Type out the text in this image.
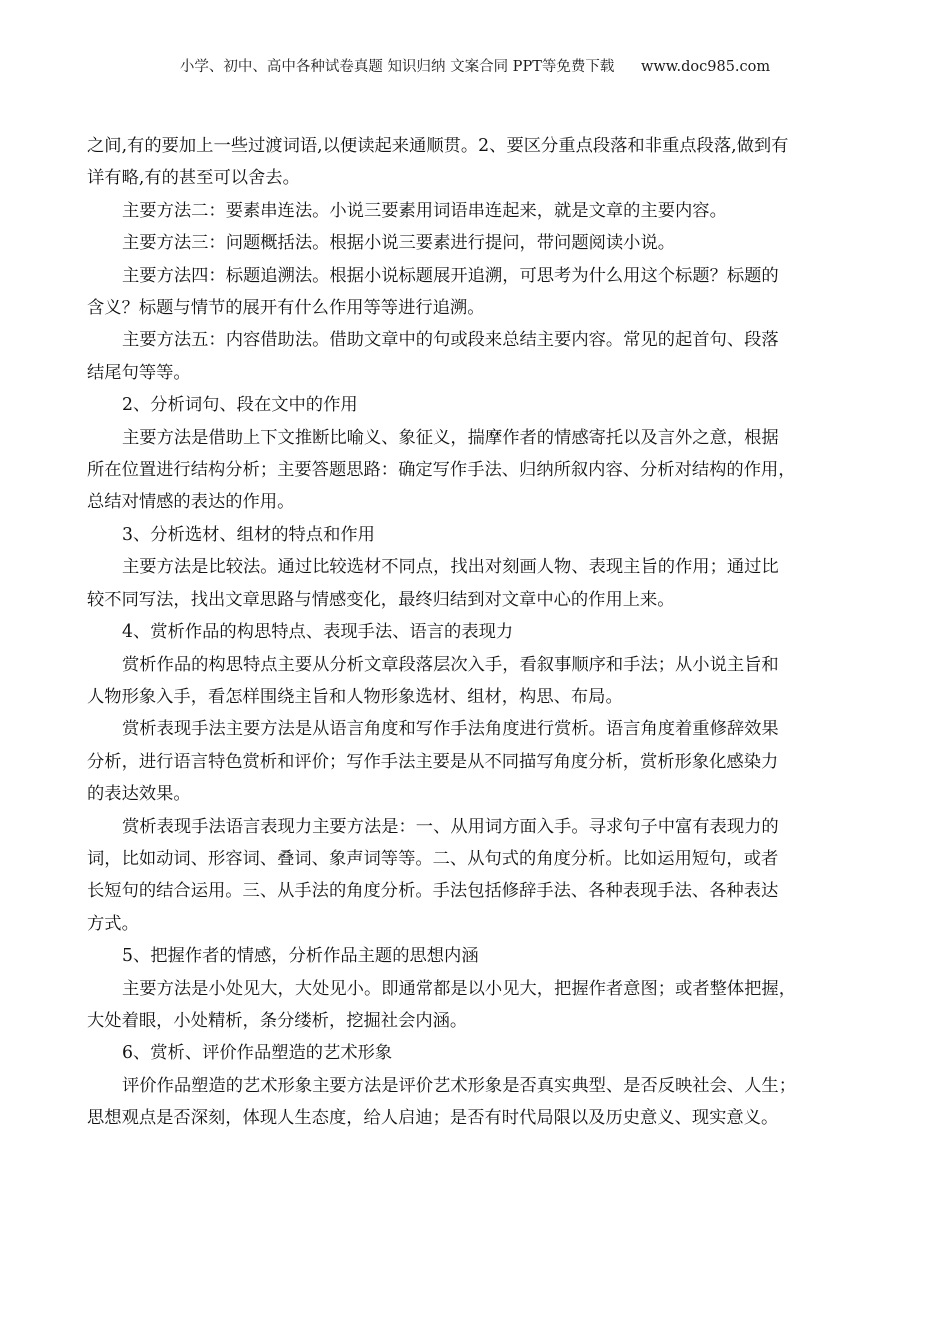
小学、初中、高中各种试卷真题 知识归纳 文案合同 PPT等免费下载 www.doc985.com

之间,有的要加上一些过渡词语,以便读起来通顺贯。2、要区分重点段落和非重点段落,做到有
详有略,有的甚至可以舍去。

主要方法二：要素串连法。小说三要素用词语串连起来，就是文章的主要内容。

主要方法三：问题概括法。根据小说三要素进行提问，带问题阅读小说。

主要方法四：标题追溯法。根据小说标题展开追溯，可思考为什么用这个标题？标题的
含义？标题与情节的展开有什么作用等等进行追溯。

主要方法五：内容借助法。借助文章中的句或段来总结主要内容。常见的起首句、段落
结尾句等等。

2、分析词句、段在文中的作用

主要方法是借助上下文推断比喻义、象征义，揣摩作者的情感寄托以及言外之意，根据
所在位置进行结构分析；主要答题思路：确定写作手法、归纳所叙内容、分析对结构的作用，
总结对情感的表达的作用。

3、分析选材、组材的特点和作用

主要方法是比较法。通过比较选材不同点，找出对刻画人物、表现主旨的作用；通过比
较不同写法，找出文章思路与情感变化，最终归结到对文章中心的作用上来。

4、赏析作品的构思特点、表现手法、语言的表现力

赏析作品的构思特点主要从分析文章段落层次入手，看叙事顺序和手法；从小说主旨和
人物形象入手，看怎样围绕主旨和人物形象选材、组材，构思、布局。

赏析表现手法主要方法是从语言角度和写作手法角度进行赏析。语言角度着重修辞效果
分析，进行语言特色赏析和评价；写作手法主要是从不同描写角度分析，赏析形象化感染力
的表达效果。

赏析表现手法语言表现力主要方法是：一、从用词方面入手。寻求句子中富有表现力的
词，比如动词、形容词、叠词、象声词等等。二、从句式的角度分析。比如运用短句，或者
长短句的结合运用。三、从手法的角度分析。手法包括修辞手法、各种表现手法、各种表达
方式。

5、把握作者的情感，分析作品主题的思想内涵

主要方法是小处见大，大处见小。即通常都是以小见大，把握作者意图；或者整体把握，
大处着眼，小处精析，条分缕析，挖掘社会内涵。

6、赏析、评价作品塑造的艺术形象

评价作品塑造的艺术形象主要方法是评价艺术形象是否真实典型、是否反映社会、人生；
思想观点是否深刻，体现人生态度，给人启迪；是否有时代局限以及历史意义、现实意义。
